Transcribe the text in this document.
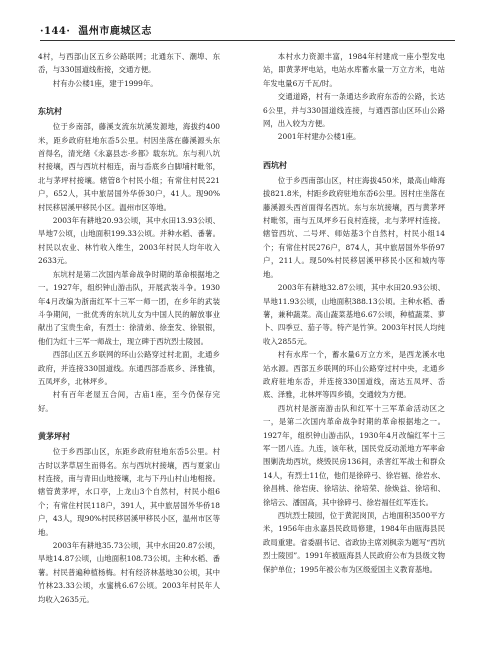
·144· 温州市鹿城区志

4村，与西部山区五乡公路联网；北通东下、潮埠、东岙，与330国道线衔接，交通方便。

村有办公楼1座，建于1999年。

东坑村

位于乡南部，藤溪支流东坑溪发源地，海拔约400米，距乡政府驻地东岙5公里。村因坐落在藤溪源头东首得名，清光绪《永嘉县志·乡都》载东坑。东与利八坑村接壤，西与西坑村相连，南与岙底乡白脚埔村毗邻，北与茅坪村接壤。辖管8个村民小组；有常住村民221户，652人，其中旅居国外华侨30户，41人。现90%村民移居溪甲移民小区。温州市区等地。

2003年有耕地20.93公顷，其中水田13.93公顷、旱地7公顷，山地面积199.33公顷。并种水稻、番薯。村民以农业、林竹收入维生，2003年村民人均年收入2633元。

东坑村是第二次国内革命战争时期的革命根据地之一。1927年，组织钟山游击队，开展武装斗争。1930年4月改编为浙南红军十三军一师一团，在乡年的武装斗争期间，一批优秀的东坑儿女为中国人民的解放事业献出了宝贵生命，有烈士：徐清弟、徐奎发、徐银银，他们为红十三军一师战士，现立碑于西坑烈士陵园。

西部山区五乡联网的环山公路穿过村北面，北通乡政府，并连接330国道线。东通西部岙底乡、泽雅镇，五凤坪乡，北林坪乡。

村有百年老屋五合间，古庙1座，至今仍保存完好。

黄茅坪村

位于乡西部山区，东距乡政府驻地东岙5公里。村古时以茅草居生而得名。东与西坑村接壤，西与夏家山村连接，南与青田山地接壤，北与下丹山村山地相接。辖管黄茅坪，水口亭，上龙山3个自然村，村民小组6个；有常住村民118户，391人，其中旅居国外华侨18户，43人，现90%村民移居溪甲移民小区，温州市区等地。

2003年有耕地35.73公顷，其中水田20.87公顷，旱地14.87公顷，山地面积108.73公顷。主种水稻、番薯。村民普遍种植杨梅。村有经济林基地30公顷，其中竹林23.33公顷，水蜜桃6.67公顷。2003年村民年人均收入2635元。

本村水力资源丰富，1984年村建成一座小型发电站，即黄茅坪电站，电站水库蓄水量一万立方米，电站年发电量6万千瓦/时。

交通道路，村有一条通达乡政府东岙的公路，长达6公里，并与330国道线连接，与通西部山区环山公路网，出入较为方便。

2001年村建办公楼1座。

西坑村

位于乡西南部山区，村庄海拔450米，最高山峰海拔821.8米，村距乡政府驻地东岙6公里。因村庄坐落在藤溪源头西首面得名西坑。东与东坑接壤，西与黄茅坪村毗邻，南与五凤坪乡石良村连接，北与茅坪村连接。辖管西坑、二号坪、师姑基3个自然村，村民小组14个；有常住村民276户，874人，其中旅居国外华侨97户，211人。现50%村民移居溪甲移民小区和城内等地。

2003年有耕地32.87公顷，其中水田20.93公顷、旱地11.93公顷，山地面积388.13公顷。主种水稻、番薯，兼种蔬菜。高山蔬菜基地6.67公顷，种植蔬菜、萝卜、四季豆、茄子等。特产是竹笋。2003年村民人均纯收入2855元。

村有水库一个，蓄水量6万立方米，是西龙溪水电站水源。西部五乡联网的环山公路穿过村中央，北通乡政府驻地东岙，并连接330国道线，南达五凤坪、岙底、泽雅，北林坪等四乡镇，交通较为方便。

西坑村是浙南游击队和红军十三军革命活动区之一，是第二次国内革命战争时期的革命根据地之一。1927年，组织钟山游击队，1930年4月改编红军十三军一团八连。九连，该年秋，国民党反动派地方军率命围剿洗劫西坑，烧毁民房136间，杀害红军战士和群众14人，有烈士11位，他们是徐碎弓、徐岩福、徐岩水、徐昌桃、徐岩庚、徐培法、徐培荣、徐焕益、徐培和、徐培云、潘国高，其中徐碎弓、徐岩福任红军连长。

西坑烈士陵园，位于黄泥岗顶，占地面积3500平方米，1956年由永嘉县民政局修建，1984年由瓯海县民政局重建。省委副书记、省政协主席刘枫亲为题写“西坑烈士陵园”。1991年被瓯海县人民政府公布为县级文物保护单位；1995年被公布为区级爱国主义教育基地。
